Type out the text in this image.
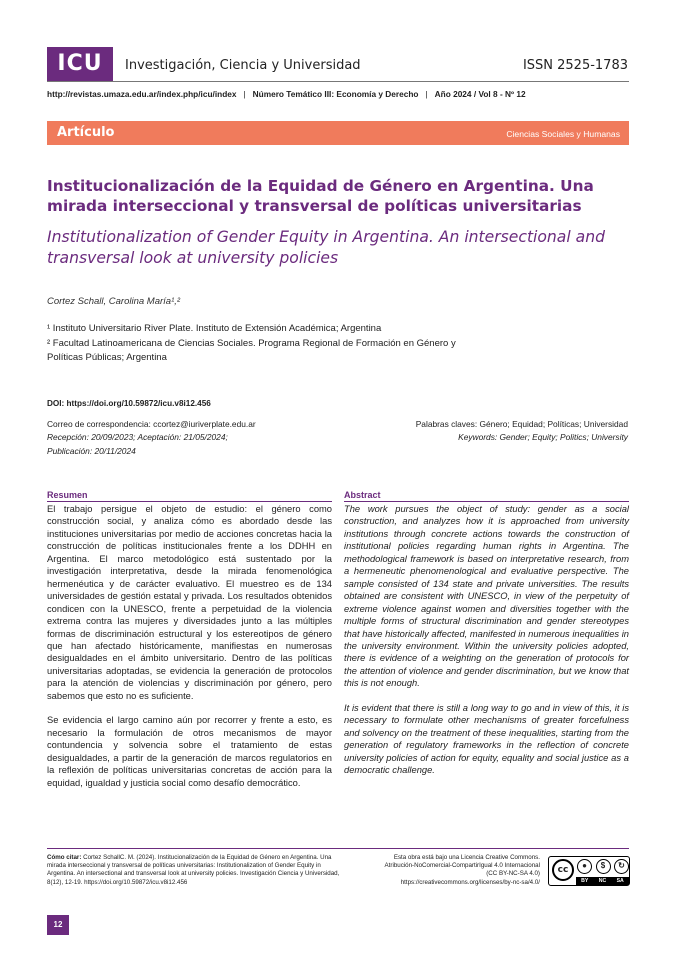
ICU	Investigación, Ciencia y Universidad	ISSN 2525-1783
http://revistas.umaza.edu.ar/index.php/icu/index | Número Temático III: Economía y Derecho | Año 2024 / Vol 8 - Nº 12
Artículo	Ciencias Sociales y Humanas
Institucionalización de la Equidad de Género en Argentina. Una mirada interseccional y transversal de políticas universitarias
Institutionalization of Gender Equity in Argentina. An intersectional and transversal look at university policies
Cortez Schall, Carolina María¹,²
¹ Instituto Universitario River Plate. Instituto de Extensión Académica; Argentina
² Facultad Latinoamericana de Ciencias Sociales. Programa Regional de Formación en Género y
Políticas Públicas; Argentina
DOI: https://doi.org/10.59872/icu.v8i12.456
Correo de correspondencia: ccortez@iuriverplate.edu.ar
Recepción: 20/09/2023; Aceptación: 21/05/2024;
Publicación: 20/11/2024
Palabras claves: Género; Equidad; Políticas; Universidad
Keywords: Gender; Equity; Politics; University
Resumen

El trabajo persigue el objeto de estudio: el género como construcción social, y analiza cómo es abordado desde las instituciones universitarias por medio de acciones concretas hacia la construcción de políticas institucionales frente a los DDHH en Argentina. El marco metodológico está sustentado por la investigación interpretativa, desde la mirada fenomenológica hermenéutica y de carácter evaluativo. El muestreo es de 134 universidades de gestión estatal y privada. Los resultados obtenidos condicen con la UNESCO, frente a perpetuidad de la violencia extrema contra las mujeres y diversidades junto a las múltiples formas de discriminación estructural y los estereotipos de género que han afectado históricamente, manifiestas en numerosas desigualdades en el ámbito universitario. Dentro de las políticas universitarias adoptadas, se evidencia la generación de protocolos para la atención de violencias y discriminación por género, pero sabemos que esto no es suficiente.

Se evidencia el largo camino aún por recorrer y frente a esto, es necesario la formulación de otros mecanismos de mayor contundencia y solvencia sobre el tratamiento de estas desigualdades, a partir de la generación de marcos regulatorios en la reflexión de políticas universitarias concretas de acción para la equidad, igualdad y justicia social como desafío democrático.

Abstract

The work pursues the object of study: gender as a social construction, and analyzes how it is approached from university institutions through concrete actions towards the construction of institutional policies regarding human rights in Argentina. The methodological framework is based on interpretative research, from a hermeneutic phenomenological and evaluative perspective. The sample consisted of 134 state and private universities. The results obtained are consistent with UNESCO, in view of the perpetuity of extreme violence against women and diversities together with the multiple forms of structural discrimination and gender stereotypes that have historically affected, manifested in numerous inequalities in the university environment. Within the university policies adopted, there is evidence of a weighting on the generation of protocols for the attention of violence and gender discrimination, but we know that this is not enough.

It is evident that there is still a long way to go and in view of this, it is necessary to formulate other mechanisms of greater forcefulness and solvency on the treatment of these inequalities, starting from the generation of regulatory frameworks in the reflection of concrete university policies of action for equity, equality and social justice as a democratic challenge.

Cómo citar: Cortez SchallC. M. (2024). Institucionalización de la Equidad de Género en Argentina. Una mirada interseccional y transversal de políticas universitarias: Institutionalization of Gender Equity in Argentina. An intersectional and transversal look at university policies. Investigación Ciencia y Universidad, 8(12), 12-19. https://doi.org/10.59872/icu.v8i12.456
Esta obra está bajo una Licencia Creative Commons.
Atribución-NoComercial-CompartirIgual 4.0 Internacional
(CC BY-NC-SA 4.0)
https://creativecommons.org/licenses/by-nc-sa/4.0/
cc	●	$	↻
BY NC SA
12
